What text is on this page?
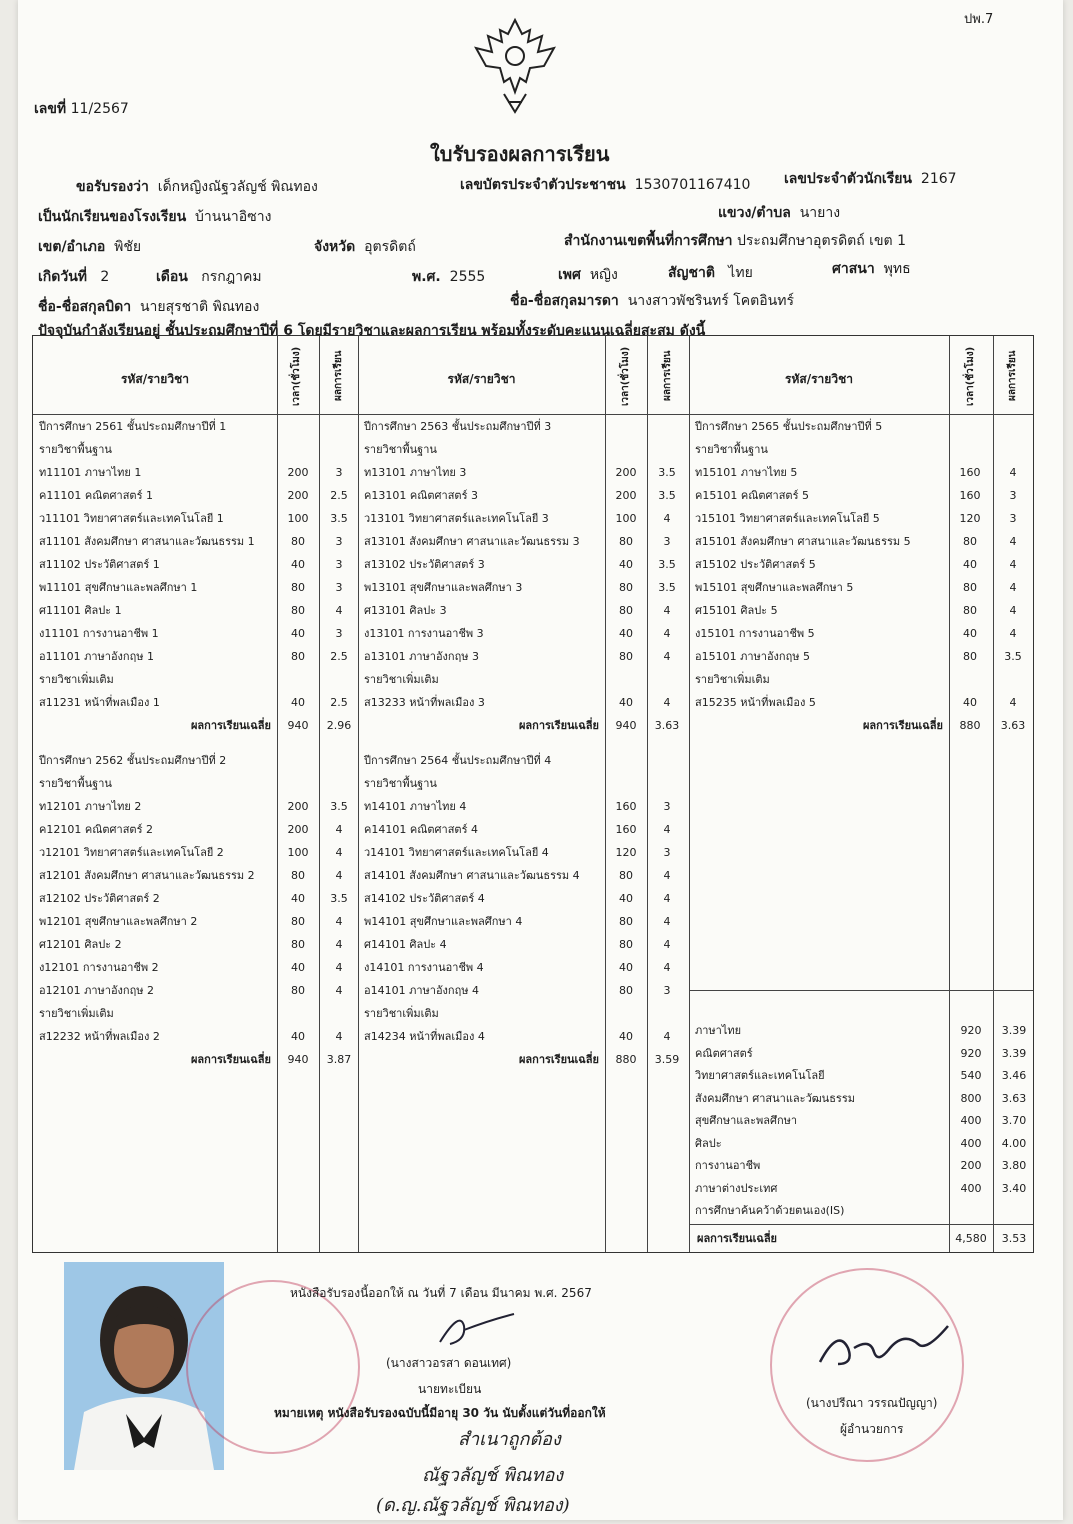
ปพ.7
เลขที่ 11/2567
ใบรับรองผลการเรียน
ขอรับรองว่า เด็กหญิงณัฐวลัญช์ พิณทอง	เลขบัตรประจำตัวประชาชน 1530701167410 เลขประจำตัวนักเรียน 2167
เป็นนักเรียนของโรงเรียน บ้านนาอิซาง	แขวง/ตำบล นายาง
เขต/อำเภอ พิชัย	จังหวัด อุตรดิตถ์	สำนักงานเขตพื้นที่การศึกษา ประถมศึกษาอุตรดิตถ์ เขต 1
เกิดวันที่ 2	เดือน กรกฎาคม	พ.ศ. 2555	เพศ หญิง	สัญชาติ ไทย	ศาสนา พุทธ
ชื่อ-ชื่อสกุลบิดา นายสุรชาติ พิณทอง	ชื่อ-ชื่อสกุลมารดา นางสาวพัชรินทร์ โคตอินทร์
ปัจจุบันกำลังเรียนอยู่ ชั้นประถมศึกษาปีที่ 6 โดยมีรายวิชาและผลการเรียน พร้อมทั้งระดับคะแนนเฉลี่ยสะสม ดังนี้
รหัส/รายวิชา	เวลา(ชั่วโมง)	ผลการเรียน	รหัส/รายวิชา	เวลา(ชั่วโมง)	ผลการเรียน	รหัส/รายวิชา	เวลา(ชั่วโมง)	ผลการเรียน
ผลการเรียนเฉลี่ย	4,580	3.53
ปีการศึกษา 2561 ชั้นประถมศึกษาปีที่ 1
รายวิชาพื้นฐาน
ท11101 ภาษาไทย 1	200	3
ค11101 คณิตศาสตร์ 1	200	2.5
ว11101 วิทยาศาสตร์และเทคโนโลยี 1	100	3.5
ส11101 สังคมศึกษา ศาสนาและวัฒนธรรม 1	80	3
ส11102 ประวัติศาสตร์ 1	40	3
พ11101 สุขศึกษาและพลศึกษา 1	80	3
ศ11101 ศิลปะ 1	80	4
ง11101 การงานอาชีพ 1	40	3
อ11101 ภาษาอังกฤษ 1	80	2.5
รายวิชาเพิ่มเติม
ส11231 หน้าที่พลเมือง 1	40	2.5
ผลการเรียนเฉลี่ย	940	2.96
ปีการศึกษา 2563 ชั้นประถมศึกษาปีที่ 3
รายวิชาพื้นฐาน
ท13101 ภาษาไทย 3	200	3.5
ค13101 คณิตศาสตร์ 3	200	3.5
ว13101 วิทยาศาสตร์และเทคโนโลยี 3	100	4
ส13101 สังคมศึกษา ศาสนาและวัฒนธรรม 3	80	3
ส13102 ประวัติศาสตร์ 3	40	3.5
พ13101 สุขศึกษาและพลศึกษา 3	80	3.5
ศ13101 ศิลปะ 3	80	4
ง13101 การงานอาชีพ 3	40	4
อ13101 ภาษาอังกฤษ 3	80	4
รายวิชาเพิ่มเติม
ส13233 หน้าที่พลเมือง 3	40	4
ผลการเรียนเฉลี่ย	940	3.63
ปีการศึกษา 2565 ชั้นประถมศึกษาปีที่ 5
รายวิชาพื้นฐาน
ท15101 ภาษาไทย 5	160	4
ค15101 คณิตศาสตร์ 5	160	3
ว15101 วิทยาศาสตร์และเทคโนโลยี 5	120	3
ส15101 สังคมศึกษา ศาสนาและวัฒนธรรม 5	80	4
ส15102 ประวัติศาสตร์ 5	40	4
พ15101 สุขศึกษาและพลศึกษา 5	80	4
ศ15101 ศิลปะ 5	80	4
ง15101 การงานอาชีพ 5	40	4
อ15101 ภาษาอังกฤษ 5	80	3.5
รายวิชาเพิ่มเติม
ส15235 หน้าที่พลเมือง 5	40	4
ผลการเรียนเฉลี่ย	880	3.63
ปีการศึกษา 2562 ชั้นประถมศึกษาปีที่ 2
รายวิชาพื้นฐาน
ท12101 ภาษาไทย 2	200	3.5
ค12101 คณิตศาสตร์ 2	200	4
ว12101 วิทยาศาสตร์และเทคโนโลยี 2	100	4
ส12101 สังคมศึกษา ศาสนาและวัฒนธรรม 2	80	4
ส12102 ประวัติศาสตร์ 2	40	3.5
พ12101 สุขศึกษาและพลศึกษา 2	80	4
ศ12101 ศิลปะ 2	80	4
ง12101 การงานอาชีพ 2	40	4
อ12101 ภาษาอังกฤษ 2	80	4
รายวิชาเพิ่มเติม
ส12232 หน้าที่พลเมือง 2	40	4
ผลการเรียนเฉลี่ย	940	3.87
ปีการศึกษา 2564 ชั้นประถมศึกษาปีที่ 4
รายวิชาพื้นฐาน
ท14101 ภาษาไทย 4	160	3
ค14101 คณิตศาสตร์ 4	160	4
ว14101 วิทยาศาสตร์และเทคโนโลยี 4	120	3
ส14101 สังคมศึกษา ศาสนาและวัฒนธรรม 4	80	4
ส14102 ประวัติศาสตร์ 4	40	4
พ14101 สุขศึกษาและพลศึกษา 4	80	4
ศ14101 ศิลปะ 4	80	4
ง14101 การงานอาชีพ 4	40	4
อ14101 ภาษาอังกฤษ 4	80	3
รายวิชาเพิ่มเติม
ส14234 หน้าที่พลเมือง 4	40	4
ผลการเรียนเฉลี่ย	880	3.59
ภาษาไทย	920	3.39
คณิตศาสตร์	920	3.39
วิทยาศาสตร์และเทคโนโลยี	540	3.46
สังคมศึกษา ศาสนาและวัฒนธรรม	800	3.63
สุขศึกษาและพลศึกษา	400	3.70
ศิลปะ	400	4.00
การงานอาชีพ	200	3.80
ภาษาต่างประเทศ	400	3.40
การศึกษาค้นคว้าด้วยตนเอง(IS)
หนังสือรับรองนี้ออกให้ ณ วันที่ 7 เดือน มีนาคม พ.ศ. 2567
(นางสาวอรสา ดอนเทศ)
นายทะเบียน
หมายเหตุ หนังสือรับรองฉบับนี้มีอายุ 30 วัน นับตั้งแต่วันที่ออกให้
(นางปรีณา วรรณปัญญา)
ผู้อำนวยการ
สำเนาถูกต้อง
ณัฐวลัญช์ พิณทอง
(ด.ญ.ณัฐวลัญช์ พิณทอง)
